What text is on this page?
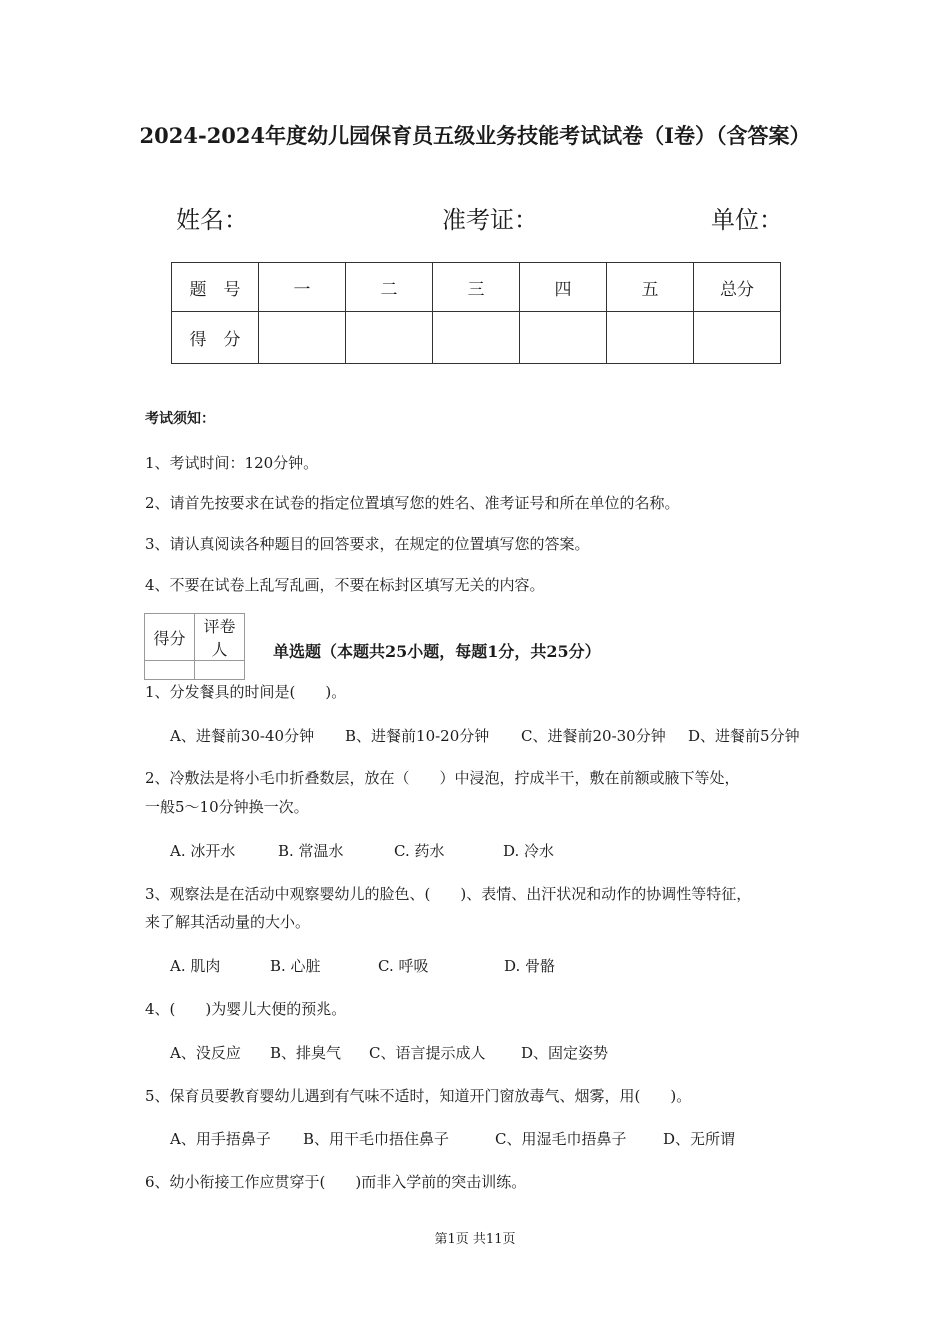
2024-2024年度幼儿园保育员五级业务技能考试试卷（I卷）（含答案）
姓名：	准考证：	单位：
题　号	一	二	三	四	五	总分
得　分						
考试须知：
1、考试时间：120分钟。
2、请首先按要求在试卷的指定位置填写您的姓名、准考证号和所在单位的名称。
3、请认真阅读各种题目的回答要求，在规定的位置填写您的答案。
4、不要在试卷上乱写乱画，不要在标封区填写无关的内容。
得分	评卷人
		单选题（本题共25小题，每题1分，共25分）
1、分发餐具的时间是(　　)。
A、进餐前30-40分钟 B、进餐前10-20分钟 C、进餐前20-30分钟 D、进餐前5分钟
2、冷敷法是将小毛巾折叠数层，放在（　　）中浸泡，拧成半干，敷在前额或腋下等处，
一般5～10分钟换一次。
A. 冰开水	B. 常温水	C. 药水	D. 冷水
3、观察法是在活动中观察婴幼儿的脸色、(　　)、表情、出汗状况和动作的协调性等特征，
来了解其活动量的大小。
A. 肌肉	B. 心脏	C. 呼吸	D. 骨骼
4、(　　)为婴儿大便的预兆。
A、没反应 B、排臭气 C、语言提示成人 D、固定姿势
5、保育员要教育婴幼儿遇到有气味不适时，知道开门窗放毒气、烟雾，用(　　)。
A、用手捂鼻子 B、用干毛巾捂住鼻子	C、用湿毛巾捂鼻子 D、无所谓
6、幼小衔接工作应贯穿于(　　)而非入学前的突击训练。
第1页 共11页
